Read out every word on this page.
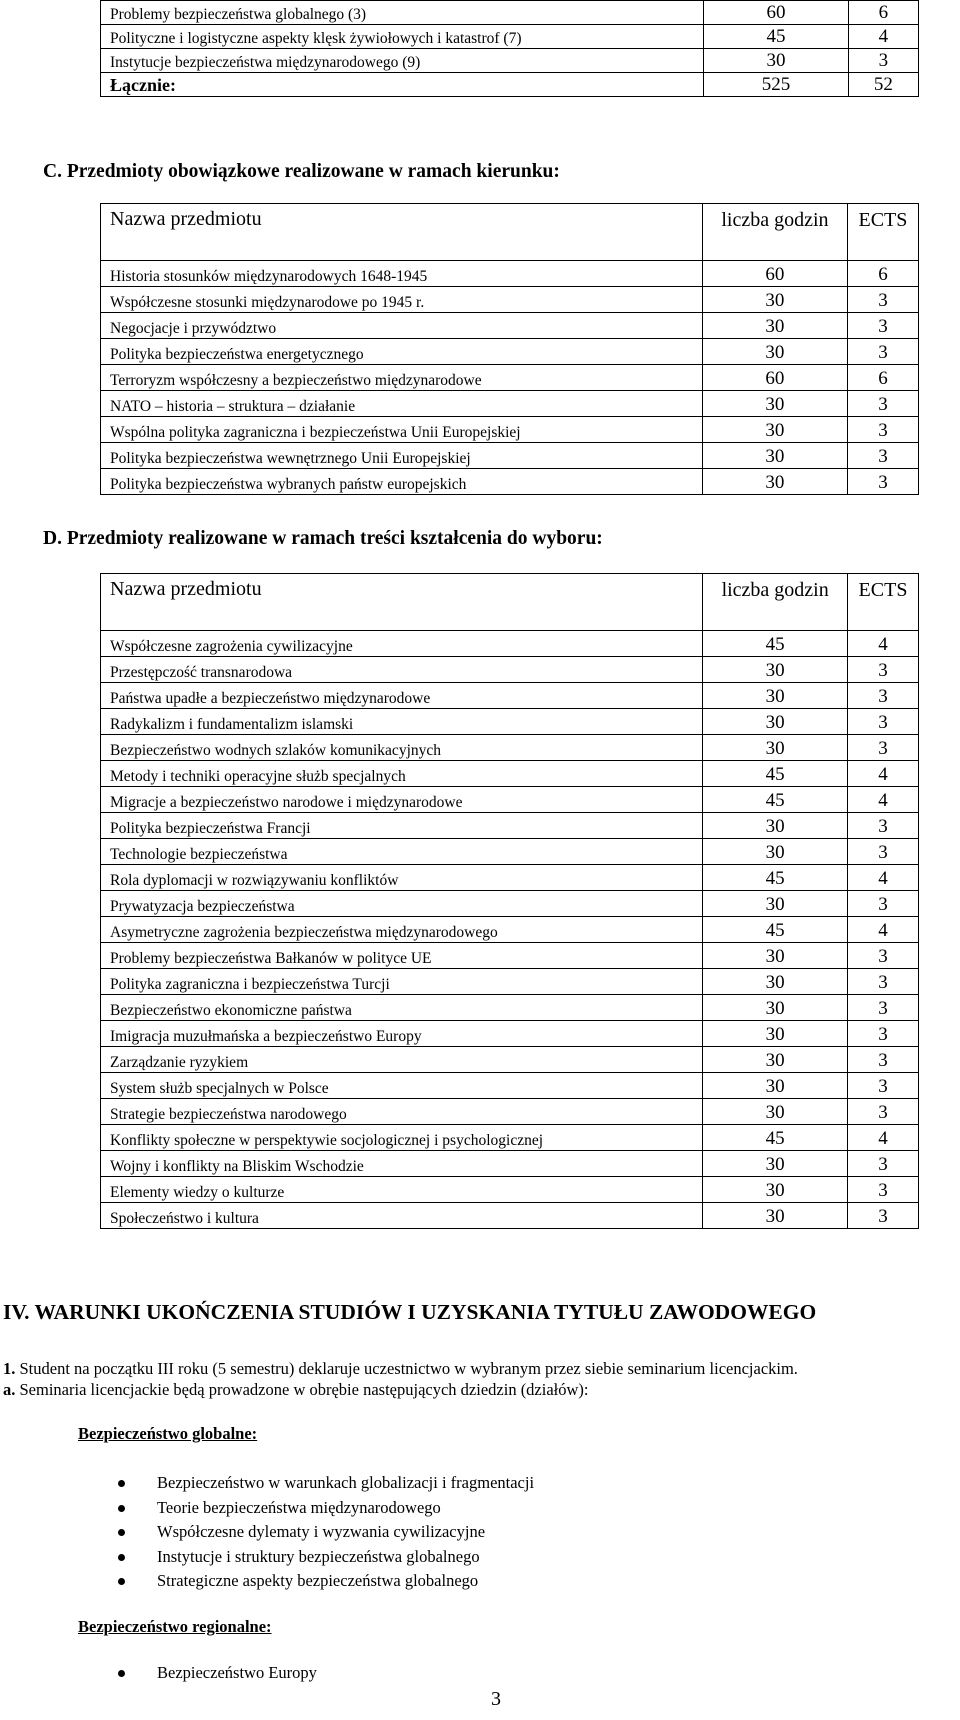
Problemy bezpieczeństwa globalnego (3)	60	6
Polityczne i logistyczne aspekty klęsk żywiołowych i katastrof (7)	45	4
Instytucje bezpieczeństwa międzynarodowego (9)	30	3
Łącznie:	525	52
C. Przedmioty obowiązkowe realizowane w ramach kierunku:
Nazwa przedmiotu	liczba godzin	ECTS
Historia stosunków międzynarodowych 1648-1945	60	6
Współczesne stosunki międzynarodowe po 1945 r.	30	3
Negocjacje i przywództwo	30	3
Polityka bezpieczeństwa energetycznego	30	3
Terroryzm współczesny a bezpieczeństwo międzynarodowe	60	6
NATO – historia – struktura – działanie	30	3
Wspólna polityka zagraniczna i bezpieczeństwa Unii Europejskiej	30	3
Polityka bezpieczeństwa wewnętrznego Unii Europejskiej	30	3
Polityka bezpieczeństwa wybranych państw europejskich	30	3
D. Przedmioty realizowane w ramach treści kształcenia do wyboru:
Nazwa przedmiotu	liczba godzin	ECTS
Współczesne zagrożenia cywilizacyjne	45	4
Przestępczość transnarodowa	30	3
Państwa upadłe a bezpieczeństwo międzynarodowe	30	3
Radykalizm i fundamentalizm islamski	30	3
Bezpieczeństwo wodnych szlaków komunikacyjnych	30	3
Metody i techniki operacyjne służb specjalnych	45	4
Migracje a bezpieczeństwo narodowe i międzynarodowe	45	4
Polityka bezpieczeństwa Francji	30	3
Technologie bezpieczeństwa	30	3
Rola dyplomacji w rozwiązywaniu konfliktów	45	4
Prywatyzacja bezpieczeństwa	30	3
Asymetryczne zagrożenia bezpieczeństwa międzynarodowego	45	4
Problemy bezpieczeństwa Bałkanów w polityce UE	30	3
Polityka zagraniczna i bezpieczeństwa Turcji	30	3
Bezpieczeństwo ekonomiczne państwa	30	3
Imigracja muzułmańska a bezpieczeństwo Europy	30	3
Zarządzanie ryzykiem	30	3
System służb specjalnych w Polsce	30	3
Strategie bezpieczeństwa narodowego	30	3
Konflikty społeczne w perspektywie socjologicznej i psychologicznej	45	4
Wojny i konflikty na Bliskim Wschodzie	30	3
Elementy wiedzy o kulturze	30	3
Społeczeństwo i kultura	30	3
IV. WARUNKI UKOŃCZENIA STUDIÓW I UZYSKANIA TYTUŁU ZAWODOWEGO
1. Student na początku III roku (5 semestru) deklaruje uczestnictwo w wybranym przez siebie seminarium licencjackim.
a. Seminaria licencjackie będą prowadzone w obrębie następujących dziedzin (działów):
Bezpieczeństwo globalne:
Bezpieczeństwo w warunkach globalizacji i fragmentacji
Teorie bezpieczeństwa międzynarodowego
Współczesne dylematy i wyzwania cywilizacyjne
Instytucje i struktury bezpieczeństwa globalnego
Strategiczne aspekty bezpieczeństwa globalnego
Bezpieczeństwo regionalne:
Bezpieczeństwo Europy
3
